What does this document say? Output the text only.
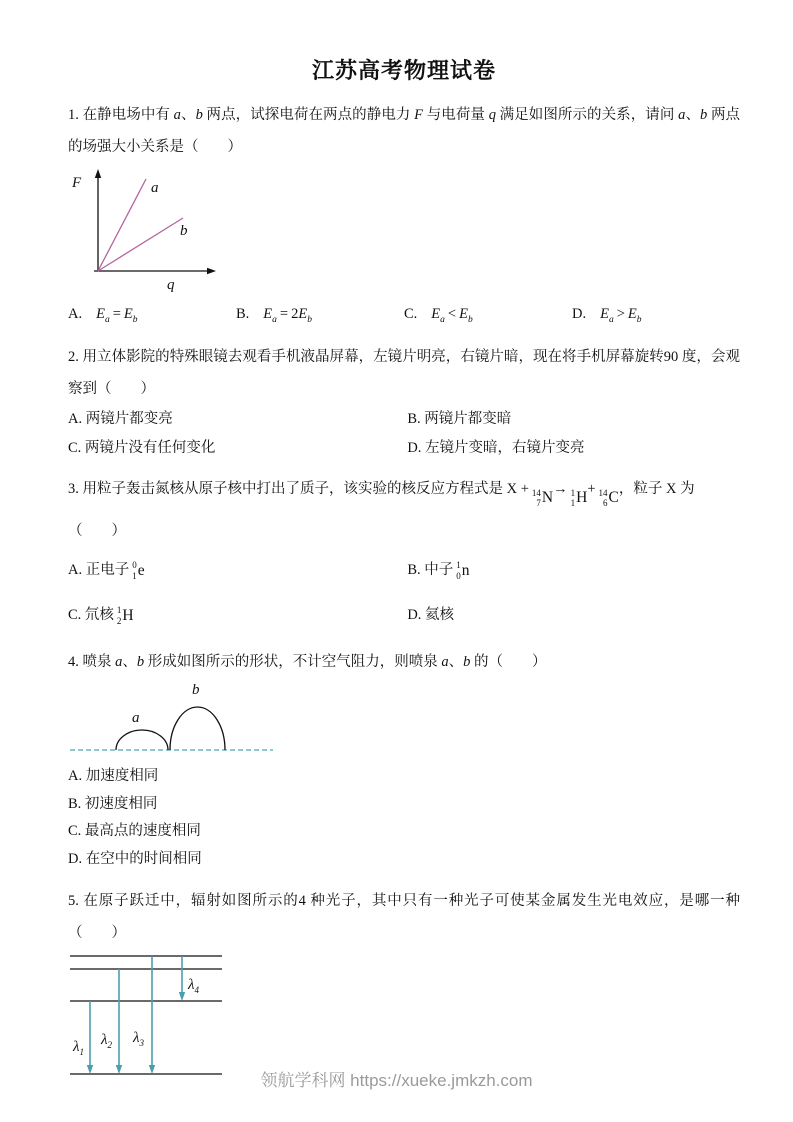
江苏高考物理试卷

1. 在静电场中有 a、b 两点，试探电荷在两点的静电力 F 与电荷量 q 满足如图所示的关系，请问 a、b 两点的场强大小关系是（　　）

F
q
a
b
A. $E_a = E_b$	B. $E_a = 2E_b$	C. $E_a < E_b$	D. $E_a > E_b$

2. 用立体影院的特殊眼镜去观看手机液晶屏幕，左镜片明亮，右镜片暗，现在将手机屏幕旋转90 度，会观察到（　　）

A. 两镜片都变亮	B. 两镜片都变暗
C. 两镜片没有任何变化	D. 左镜片变暗，右镜片变亮

3. 用粒子轰击氮核从原子核中打出了质子，该实验的核反应方程式是 X + 14
7 N
→ 1
1 H
+ 14
6 C
，粒子 X 为

（　　）
A. 正电子 0
1 e	B. 中子 1
0 n
C. 氘核 1
2 H	D. 氦核

4. 喷泉 a、b 形成如图所示的形状，不计空气阻力，则喷泉 a、b 的（　　）

a
b
A. 加速度相同
B. 初速度相同
C. 最高点的速度相同
D. 在空中的时间相同

5. 在原子跃迁中，辐射如图所示的4 种光子，其中只有一种光子可使某金属发生光电效应，是哪一种（　　）

$\lambda_1$
$\lambda_2$ $\lambda_3$
$\lambda_4$
领航学科网 https://xueke.jmkzh.com
